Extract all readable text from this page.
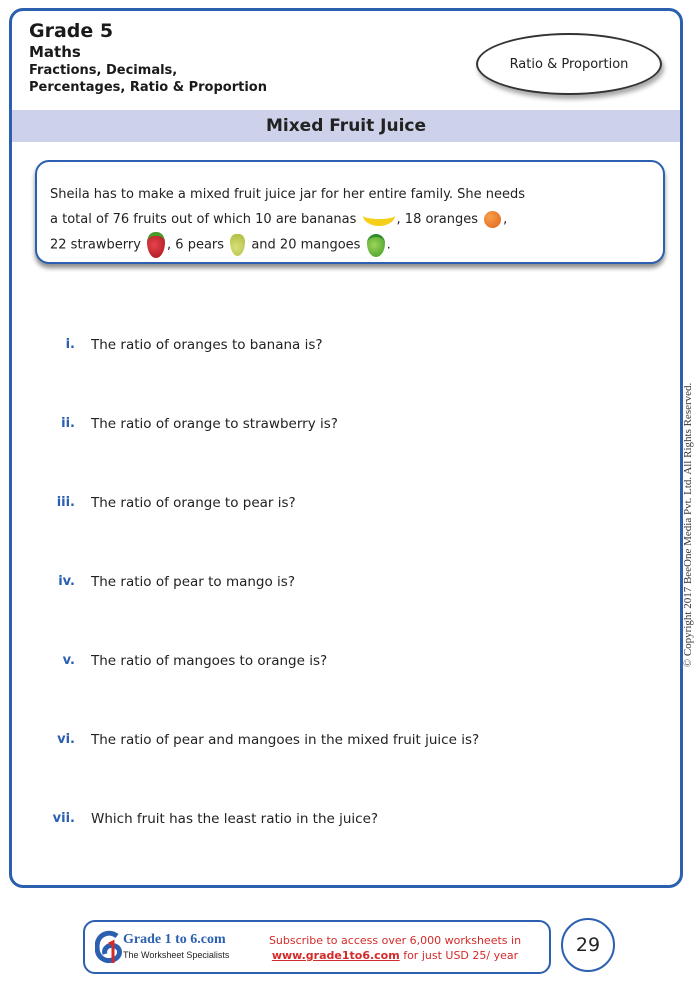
Grade 5
Maths
Fractions, Decimals,
Percentages, Ratio & Proportion
Ratio & Proportion
Mixed Fruit Juice
Sheila has to make a mixed fruit juice jar for her entire family. She needs
a total of 76 fruits out of which 10 are bananas	, 18 oranges ,
22 strawberry , 6 pears and 20 mangoes .
i. The ratio of oranges to banana is?
ii. The ratio of orange to strawberry is?
iii. The ratio of orange to pear is?
iv. The ratio of pear to mango is?
v. The ratio of mangoes to orange is?
vi. The ratio of pear and mangoes in the mixed fruit juice is?
vii. Which fruit has the least ratio in the juice?
© Copyright 2017 BeeOne Media Pvt. Ltd. All Rights Reserved.
Grade 1 to 6.com
The Worksheet Specialists
Subscribe to access over 6,000 worksheets in
www.grade1to6.com for just USD 25/ year	29
